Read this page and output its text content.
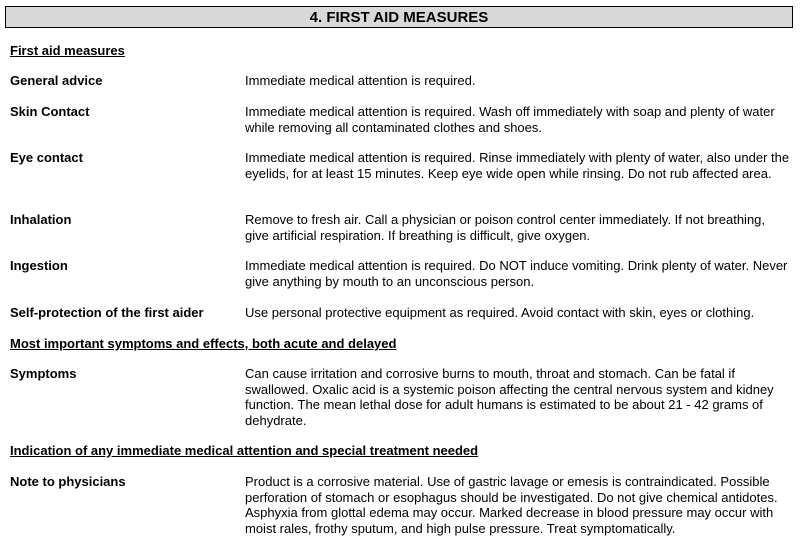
4. FIRST AID MEASURES
First aid measures
General advice	Immediate medical attention is required.
Skin Contact	Immediate medical attention is required. Wash off immediately with soap and plenty of water while removing all contaminated clothes and shoes.
Eye contact	Immediate medical attention is required. Rinse immediately with plenty of water, also under the eyelids, for at least 15 minutes. Keep eye wide open while rinsing. Do not rub affected area.
Inhalation	Remove to fresh air. Call a physician or poison control center immediately. If not breathing, give artificial respiration. If breathing is difficult, give oxygen.
Ingestion	Immediate medical attention is required. Do NOT induce vomiting. Drink plenty of water. Never give anything by mouth to an unconscious person.
Self-protection of the first aider	Use personal protective equipment as required. Avoid contact with skin, eyes or clothing.
Most important symptoms and effects, both acute and delayed
Symptoms	Can cause irritation and corrosive burns to mouth, throat and stomach. Can be fatal if swallowed. Oxalic acid is a systemic poison affecting the central nervous system and kidney function. The mean lethal dose for adult humans is estimated to be about 21 - 42 grams of dehydrate.
Indication of any immediate medical attention and special treatment needed
Note to physicians	Product is a corrosive material. Use of gastric lavage or emesis is contraindicated. Possible perforation of stomach or esophagus should be investigated. Do not give chemical antidotes. Asphyxia from glottal edema may occur. Marked decrease in blood pressure may occur with moist rales, frothy sputum, and high pulse pressure. Treat symptomatically.
